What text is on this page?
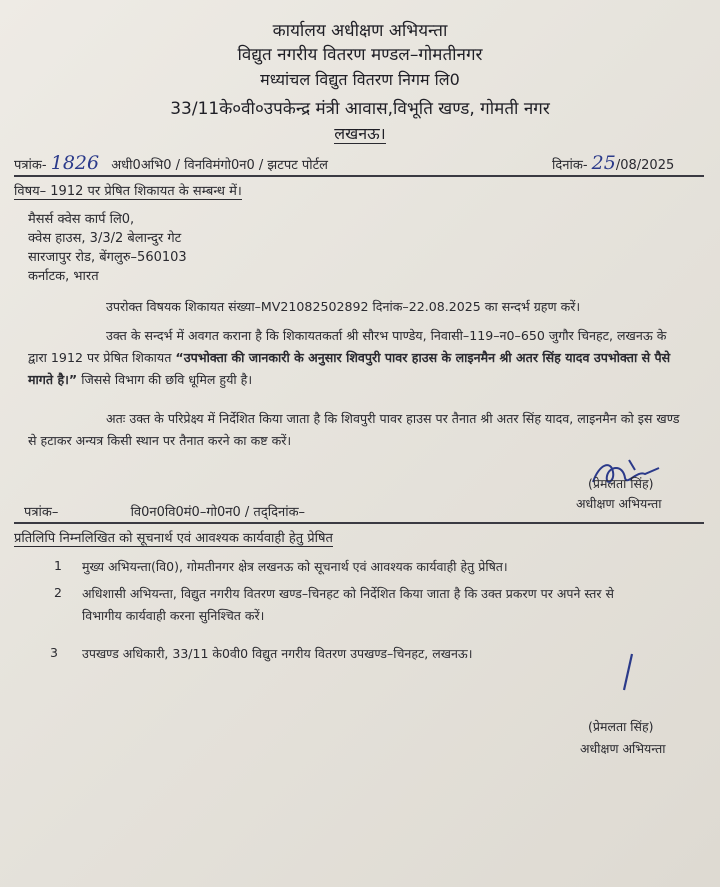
कार्यालय अधीक्षण अभियन्ता
विद्युत नगरीय वितरण मण्डल–गोमतीनगर
मध्यांचल विद्युत वितरण निगम लि0
33/11के०वी०उपकेन्द्र मंत्री आवास,विभूति खण्ड, गोमती नगर
लखनऊ।
पत्रांक- 1826 अधी0अभि0 / विनविमंगो0न0 / झटपट पोर्टल	दिनांक- 25/08/2025
विषय– 1912 पर प्रेषित शिकायत के सम्बन्ध में।
मैसर्स क्वेस कार्प लि0,
क्वेस हाउस, 3/3/2 बेलान्दुर गेट
सारजापुर रोड, बेंगलुरु–560103
कर्नाटक, भारत
उपरोक्त विषयक शिकायत संख्या–MV21082502892 दिनांक–22.08.2025 का सन्दर्भ ग्रहण करें।
उक्त के सन्दर्भ में अवगत कराना है कि शिकायतकर्ता श्री सौरभ पाण्डेय, निवासी–119–न0–650 जुगौर चिनहट, लखनऊ के द्वारा 1912 पर प्रेषित शिकायत “उपभोक्ता की जानकारी के अनुसार शिवपुरी पावर हाउस के लाइनमैन श्री अतर सिंह यादव उपभोक्ता से पैसे मागते है।” जिससे विभाग की छवि धूमिल हुयी है।
अतः उक्त के परिप्रेक्ष्य में निर्देशित किया जाता है कि शिवपुरी पावर हाउस पर तैनात श्री अतर सिंह यादव, लाइनमैन को इस खण्ड से हटाकर अन्यत्र किसी स्थान पर तैनात करने का कष्ट करें।
(प्रेमलता सिंह)
अधीक्षण अभियन्ता
पत्रांक–	वि0न0वि0मं0–गो0न0 / तद्‌दिनांक–
प्रतिलिपि निम्नलिखित को सूचनार्थ एवं आवश्यक कार्यवाही हेतु प्रेषित
1 मुख्य अभियन्ता(वि0), गोमतीनगर क्षेत्र लखनऊ को सूचनार्थ एवं आवश्यक कार्यवाही हेतु प्रेषित।
2 अधिशासी अभियन्ता, विद्युत नगरीय वितरण खण्ड–चिनहट को निर्देशित किया जाता है कि उक्त प्रकरण पर अपने स्तर से
विभागीय कार्यवाही करना सुनिश्चित करें।
3 उपखण्ड अधिकारी, 33/11 के0वी0 विद्युत नगरीय वितरण उपखण्ड–चिनहट, लखनऊ।
(प्रेमलता सिंह)
अधीक्षण अभियन्ता
